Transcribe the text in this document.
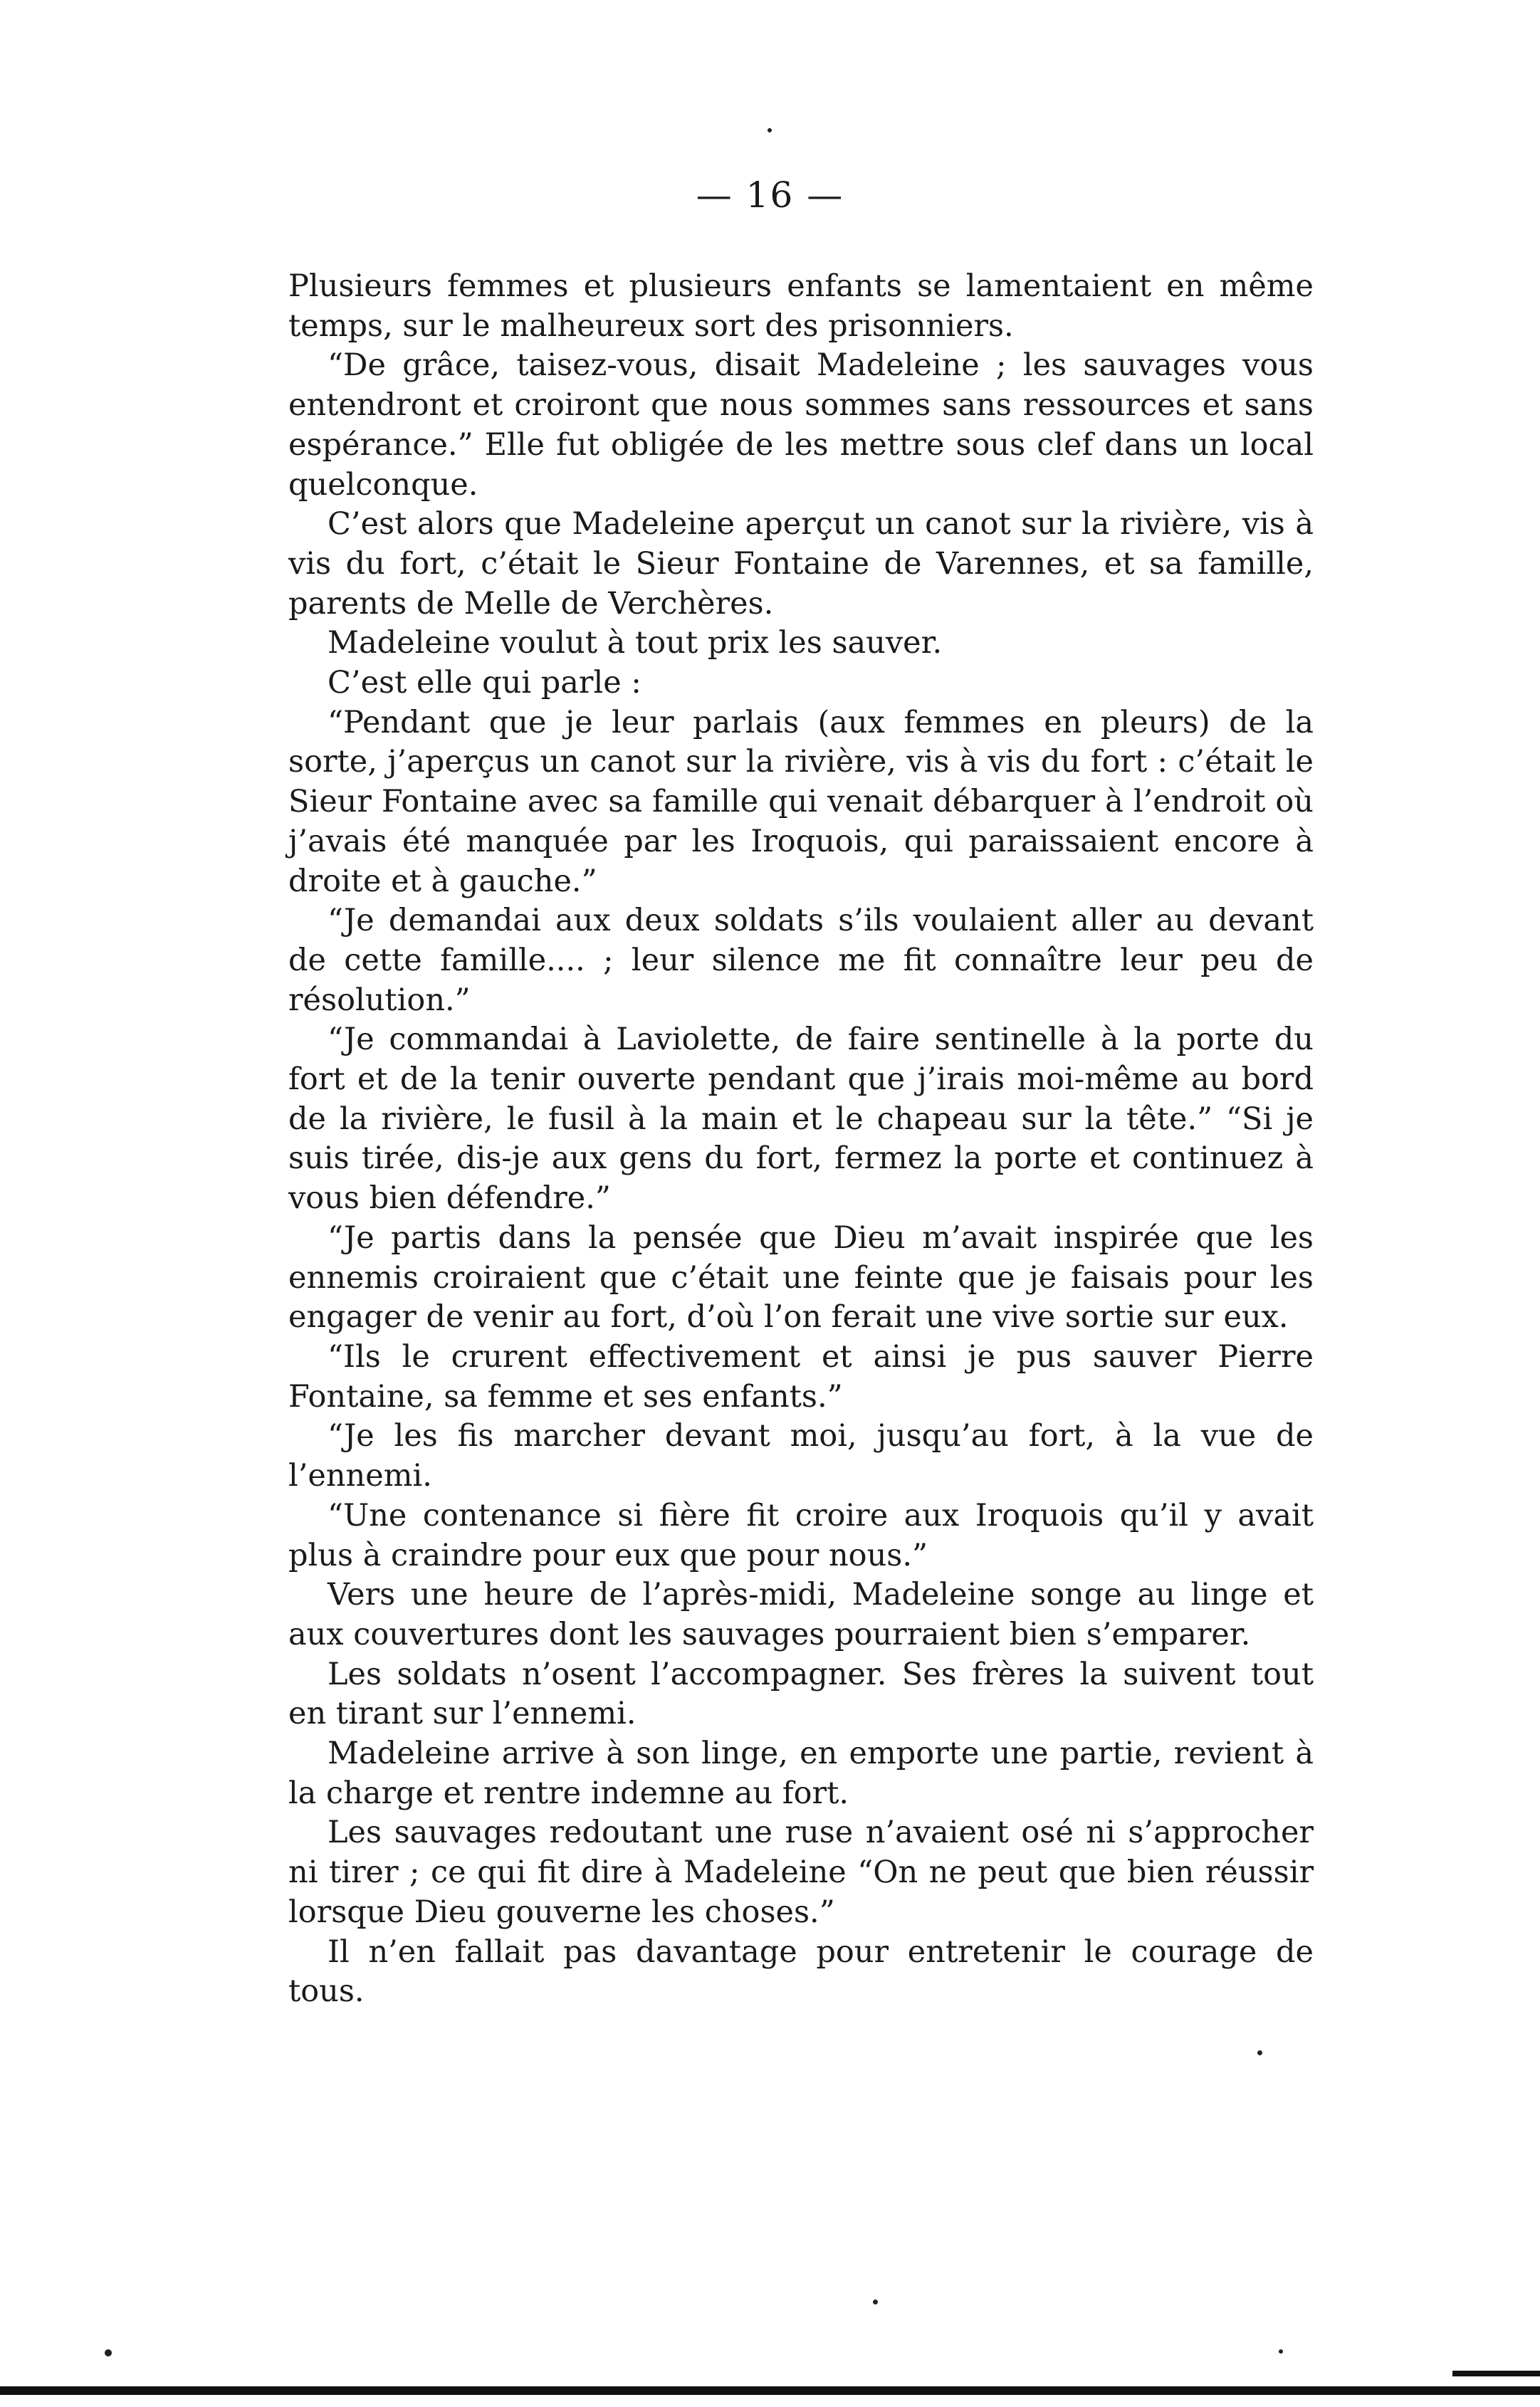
— 16 —

Plusieurs femmes et plusieurs enfants se lamentaient en même temps, sur le malheureux sort des prisonniers.

“De grâce, taisez-vous, disait Madeleine ; les sauvages vous entendront et croiront que nous sommes sans ressources et sans espérance.” Elle fut obligée de les mettre sous clef dans un local quelconque.

C’est alors que Madeleine aperçut un canot sur la rivière, vis à vis du fort, c’était le Sieur Fontaine de Varennes, et sa famille, parents de Melle de Verchères.

Madeleine voulut à tout prix les sauver.

C’est elle qui parle :

“Pendant que je leur parlais (aux femmes en pleurs) de la sorte, j’aperçus un canot sur la rivière, vis à vis du fort : c’était le Sieur Fontaine avec sa famille qui venait débarquer à l’endroit où j’avais été manquée par les Iroquois, qui paraissaient encore à droite et à gauche.”

“Je demandai aux deux soldats s’ils voulaient aller au devant de cette famille.... ; leur silence me fit connaître leur peu de résolution.”

“Je commandai à Laviolette, de faire sentinelle à la porte du fort et de la tenir ouverte pendant que j’irais moi-même au bord de la rivière, le fusil à la main et le chapeau sur la tête.” “Si je suis tirée, dis-je aux gens du fort, fermez la porte et continuez à vous bien défendre.”

“Je partis dans la pensée que Dieu m’avait inspirée que les ennemis croiraient que c’était une feinte que je faisais pour les engager de venir au fort, d’où l’on ferait une vive sortie sur eux.

“Ils le crurent effectivement et ainsi je pus sauver Pierre Fontaine, sa femme et ses enfants.”

“Je les fis marcher devant moi, jusqu’au fort, à la vue de l’ennemi.

“Une contenance si fière fit croire aux Iroquois qu’il y avait plus à craindre pour eux que pour nous.”

Vers une heure de l’après-midi, Madeleine songe au linge et aux couvertures dont les sauvages pourraient bien s’emparer.

Les soldats n’osent l’accompagner. Ses frères la suivent tout en tirant sur l’ennemi.

Madeleine arrive à son linge, en emporte une partie, revient à la charge et rentre indemne au fort.

Les sauvages redoutant une ruse n’avaient osé ni s’approcher ni tirer ; ce qui fit dire à Madeleine “On ne peut que bien réussir lorsque Dieu gouverne les choses.”

Il n’en fallait pas davantage pour entretenir le courage de tous.
